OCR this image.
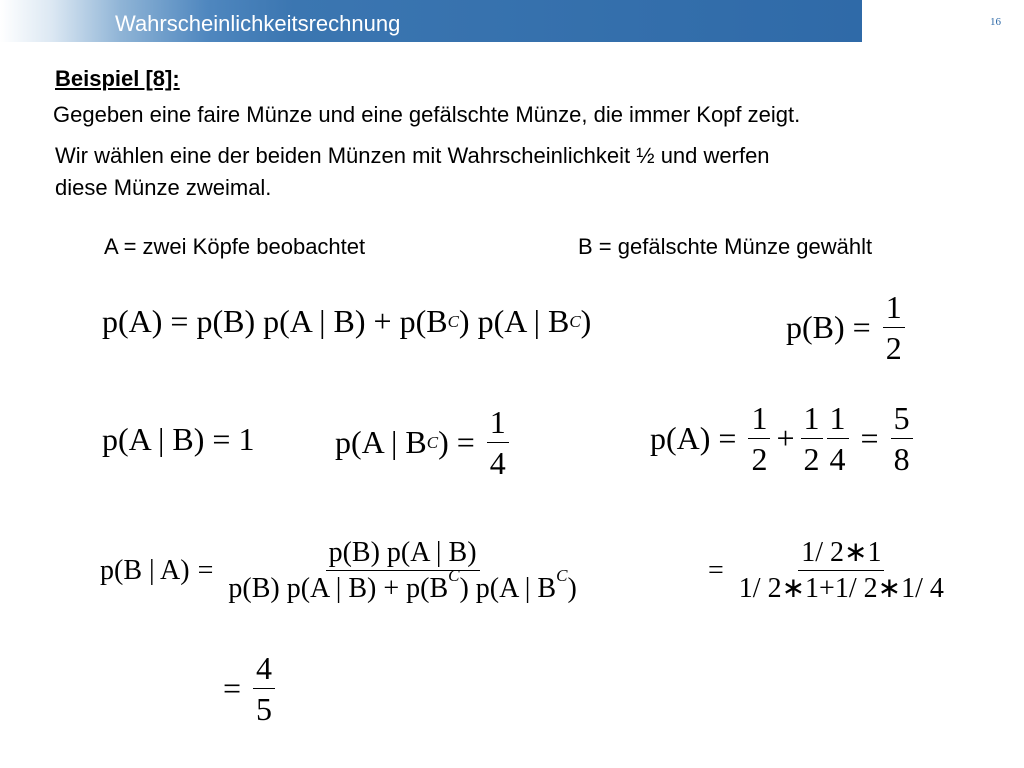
Wahrscheinlichkeitsrechnung	16
Beispiel [8]:
Gegeben eine faire Münze und eine gefälschte Münze, die immer Kopf zeigt.
Wir wählen eine der beiden Münzen mit Wahrscheinlichkeit ½ und werfen
diese Münze zweimal.
A = zwei Köpfe beobachtet	B = gefälschte Münze gewählt
p(A) = p(B) p(A | B) + p(B C ) p(A | B C )	$p(B) = \frac{1}{2}$
p(A | B) = 1	p(A | B C ) = $\frac{1}{4}$	$p(A) = \frac{1}{2} + \frac{1}{2} \frac{1}{4} = \frac{5}{8}$
p(B | $A) = \frac{p(B) p(A | B)}{p(B) p(A | B) + p(B^C) p(A | B^C)}$	= $\frac{1/ 2∗1}{1/ 2∗1+1/ 2∗1/ 4}$
= $\frac{4}{5}$
